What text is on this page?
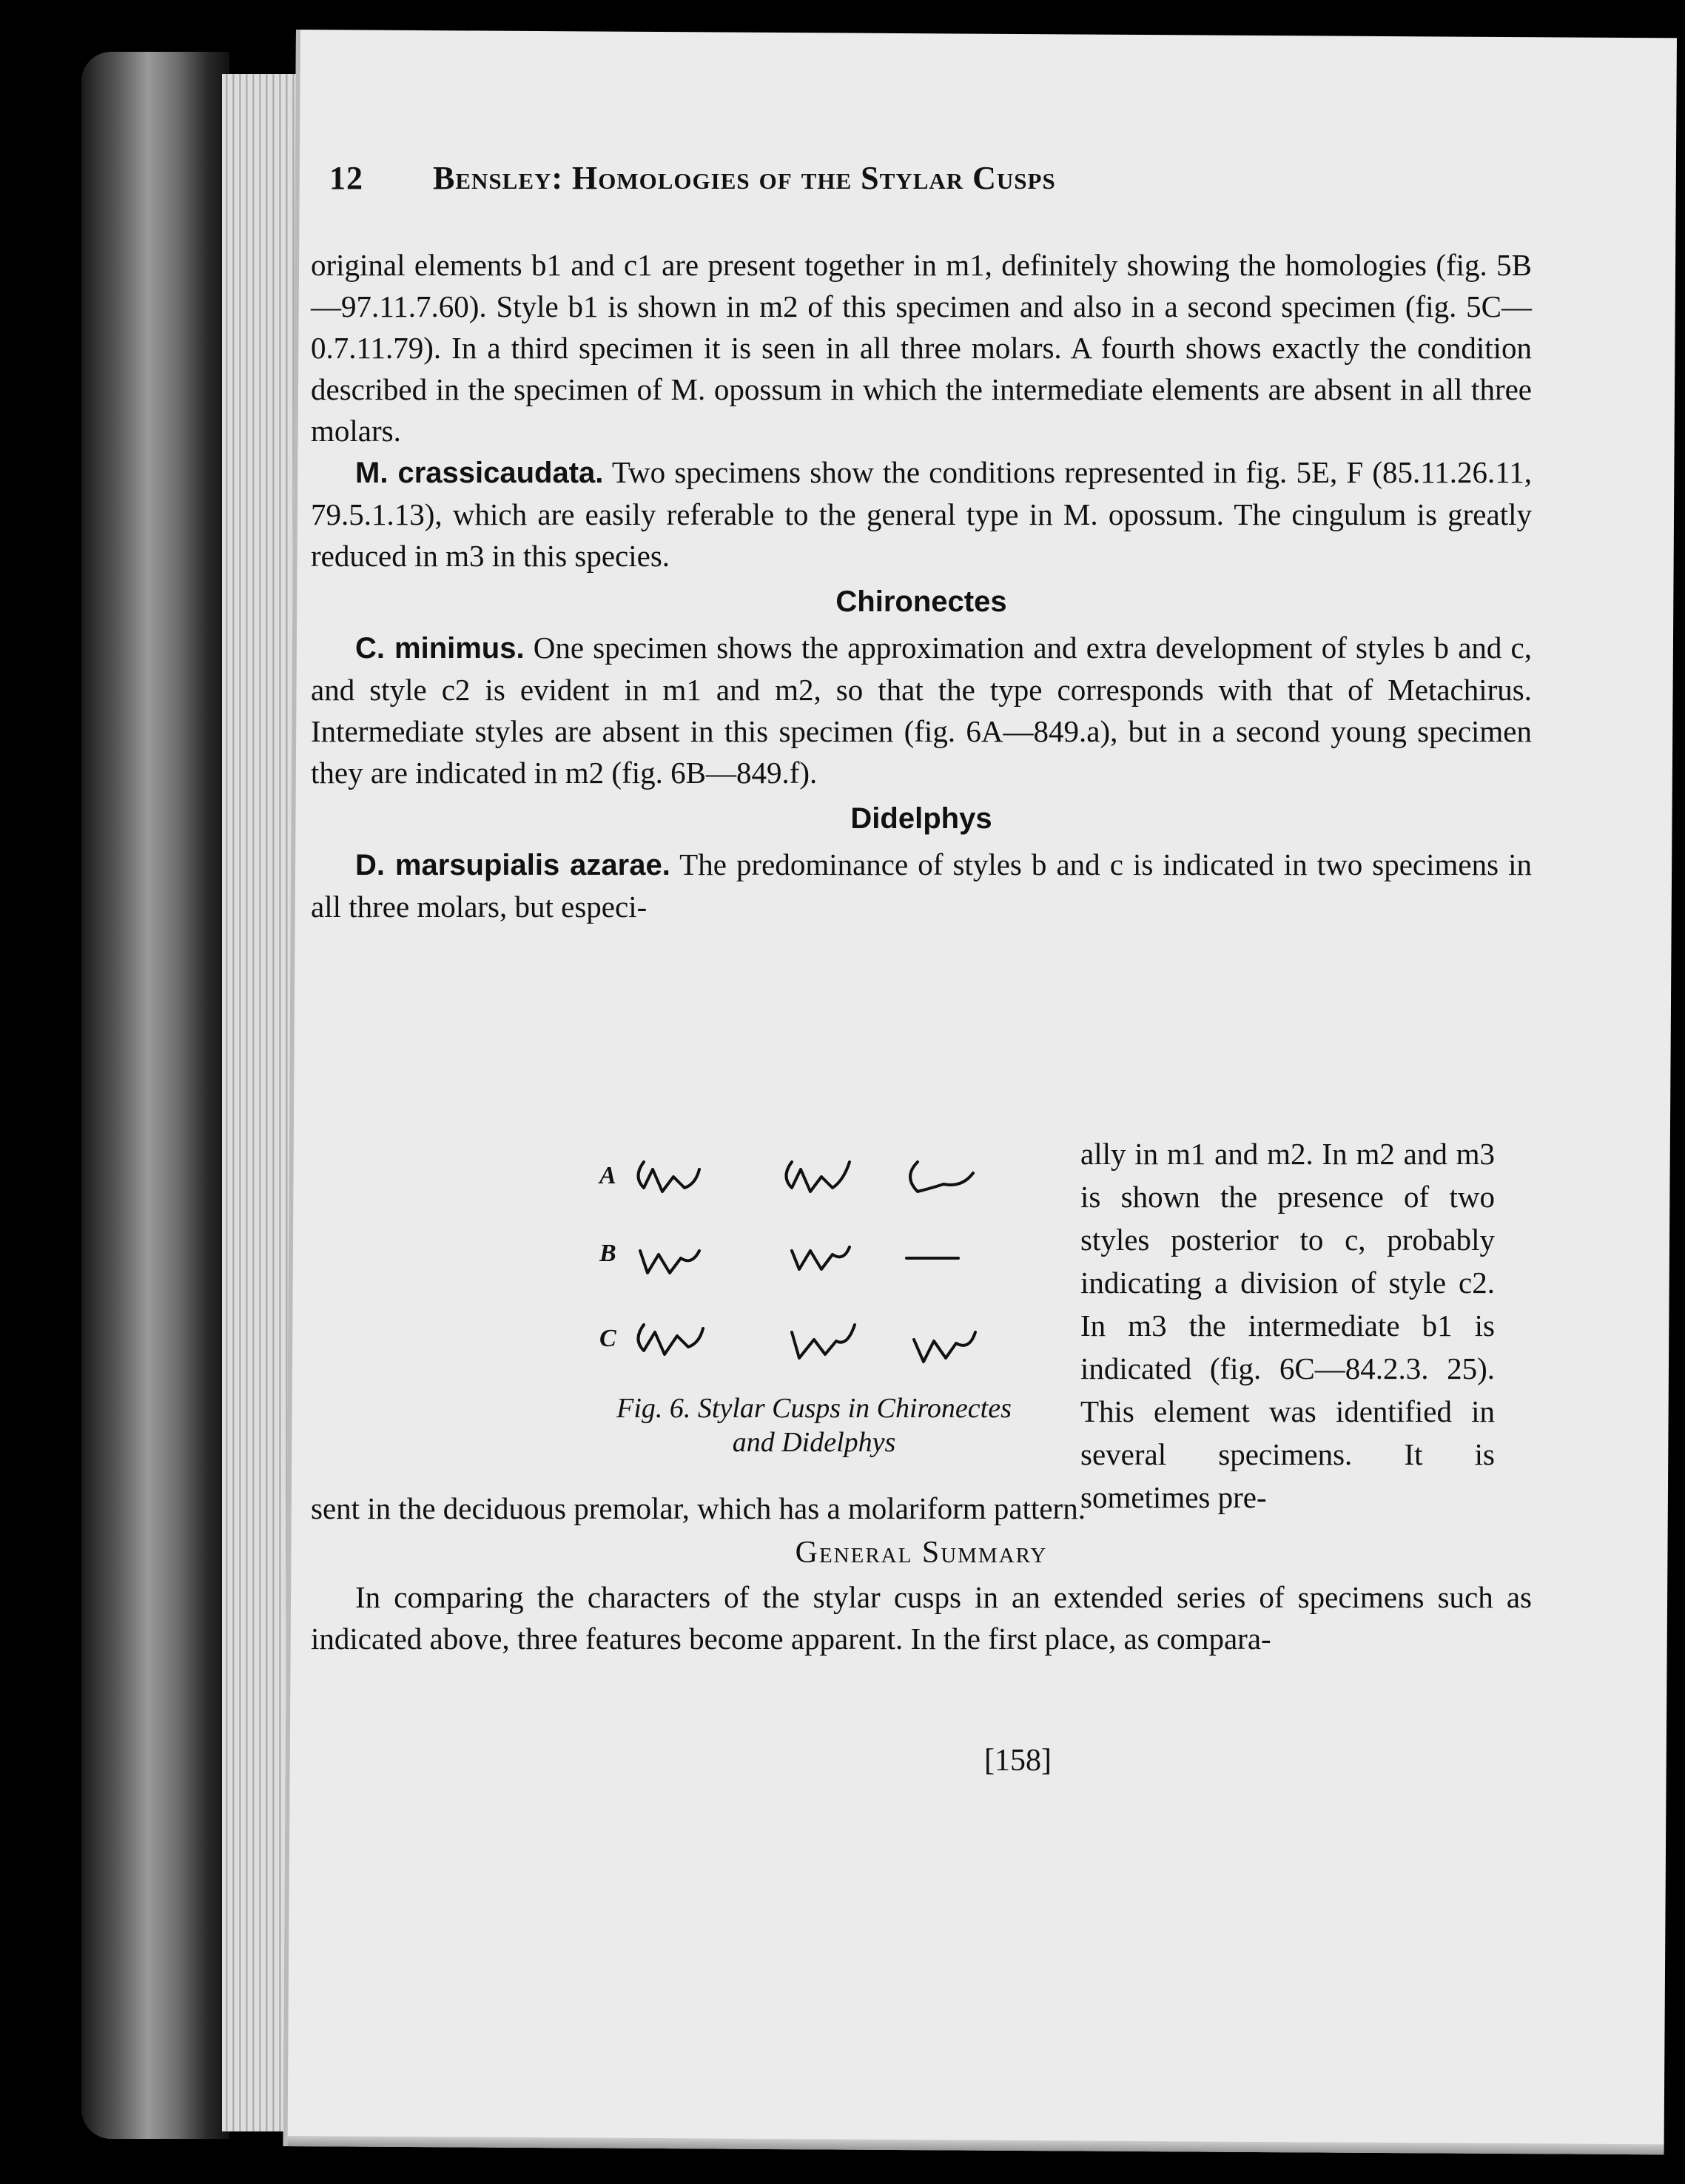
12 Bensley: Homologies of the Stylar Cusps

original elements b1 and c1 are present together in m1, definitely showing the homologies (fig. 5B—97.11.7.60). Style b1 is shown in m2 of this specimen and also in a second specimen (fig. 5C—0.7.11.79). In a third specimen it is seen in all three molars. A fourth shows exactly the condition described in the specimen of M. opossum in which the intermediate elements are absent in all three molars.

M. crassicaudata. Two specimens show the conditions represented in fig. 5E, F (85.11.26.11, 79.5.1.13), which are easily referable to the general type in M. opossum. The cingulum is greatly reduced in m3 in this species.

Chironectes

C. minimus. One specimen shows the approximation and extra development of styles b and c, and style c2 is evident in m1 and m2, so that the type corresponds with that of Metachirus. Intermediate styles are absent in this specimen (fig. 6A—849.a), but in a second young specimen they are indicated in m2 (fig. 6B—849.f).

Didelphys

D. marsupialis azarae. The predominance of styles b and c is indicated in two specimens in all three molars, but especi-

A
B
C
Fig. 6. Stylar Cusps in Chironectes
and Didelphys
ally in m1 and m2. In m2 and m3 is shown the presence of two styles posterior to c, probably indicating a division of style c2. In m3 the intermediate b1 is indicated (fig. 6C—84.2.3. 25). This element was identified in several specimens. It is sometimes pre-

sent in the deciduous premolar, which has a molariform pattern.

General Summary

In comparing the characters of the stylar cusps in an extended series of specimens such as indicated above, three features become apparent. In the first place, as compara-

[158]
